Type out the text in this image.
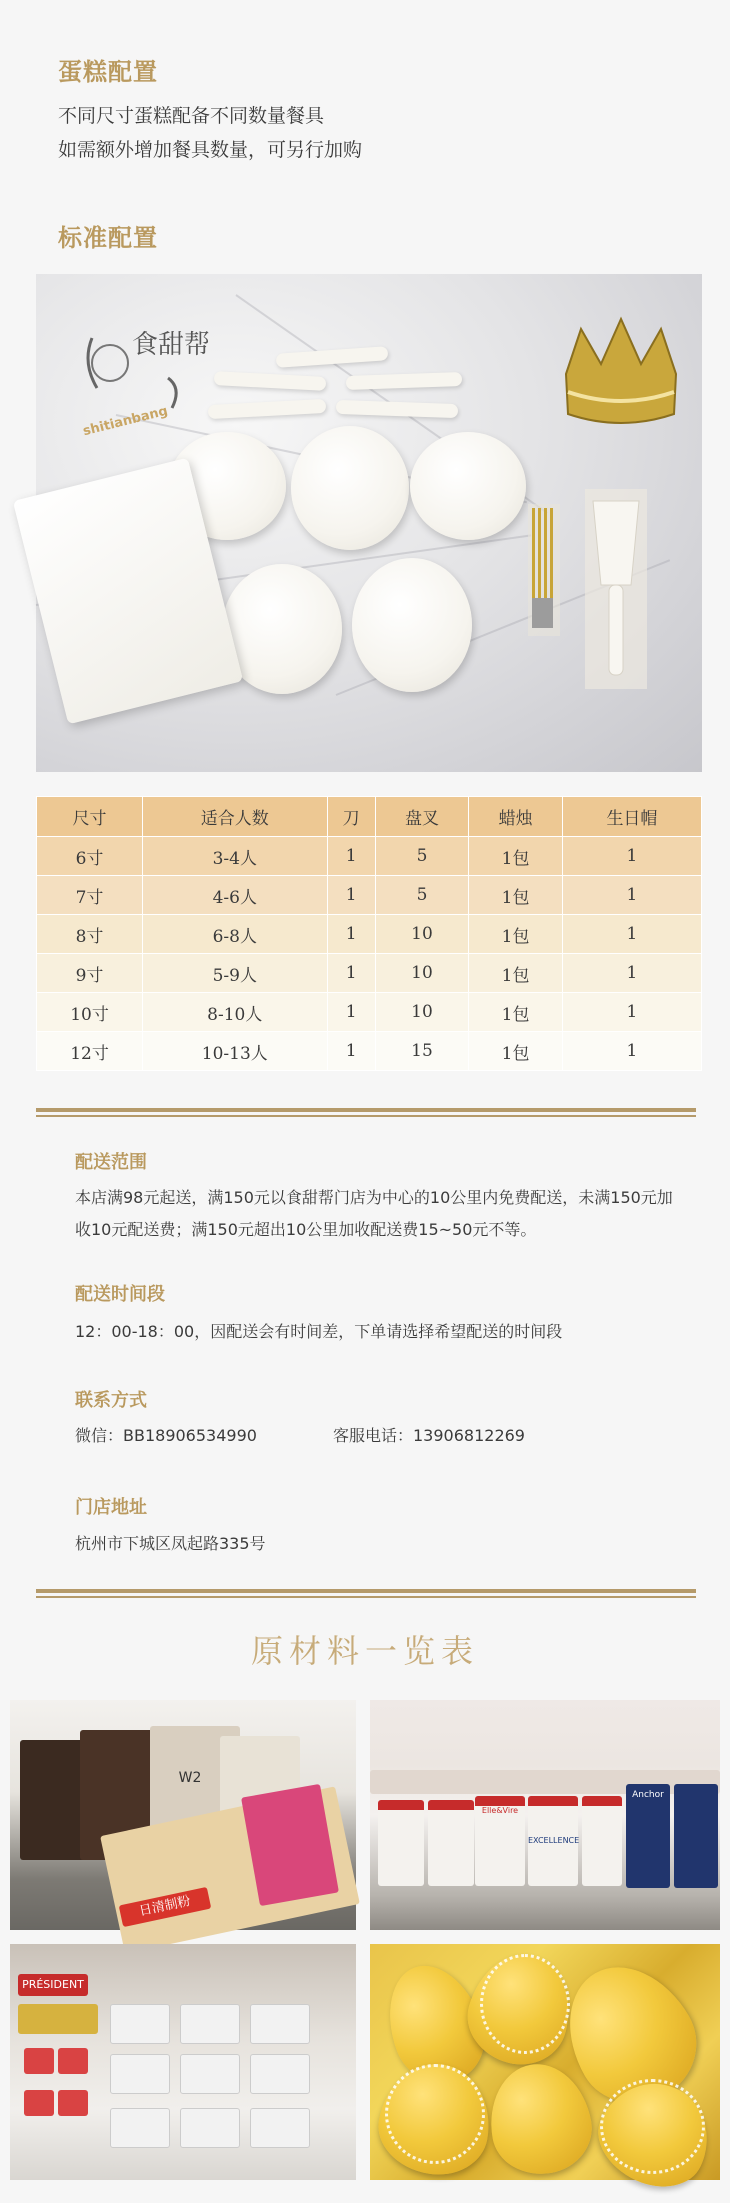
蛋糕配置
不同尺寸蛋糕配备不同数量餐具
如需额外增加餐具数量，可另行加购
标准配置
食甜帮
shitianbang
尺寸	适合人数	刀	盘叉	蜡烛	生日帽
6寸	3-4人	1	5	1包	1
7寸	4-6人	1	5	1包	1
8寸	6-8人	1	10	1包	1
9寸	5-9人	1	10	1包	1
10寸	8-10人	1	10	1包	1
12寸	10-13人	1	15	1包	1
配送范围
本店满98元起送，满150元以食甜帮门店为中心的10公里内免费配送，未满150元加收10元配送费；满150元超出10公里加收配送费15~50元不等。
配送时间段
12：00-18：00，因配送会有时间差，下单请选择希望配送的时间段
联系方式
微信：BB18906534990	客服电话：13906812269
门店地址
杭州市下城区凤起路335号
原材料一览表
W2
日清制粉
Elle&Vire
EXCELLENCE
Anchor
PRÉSIDENT
